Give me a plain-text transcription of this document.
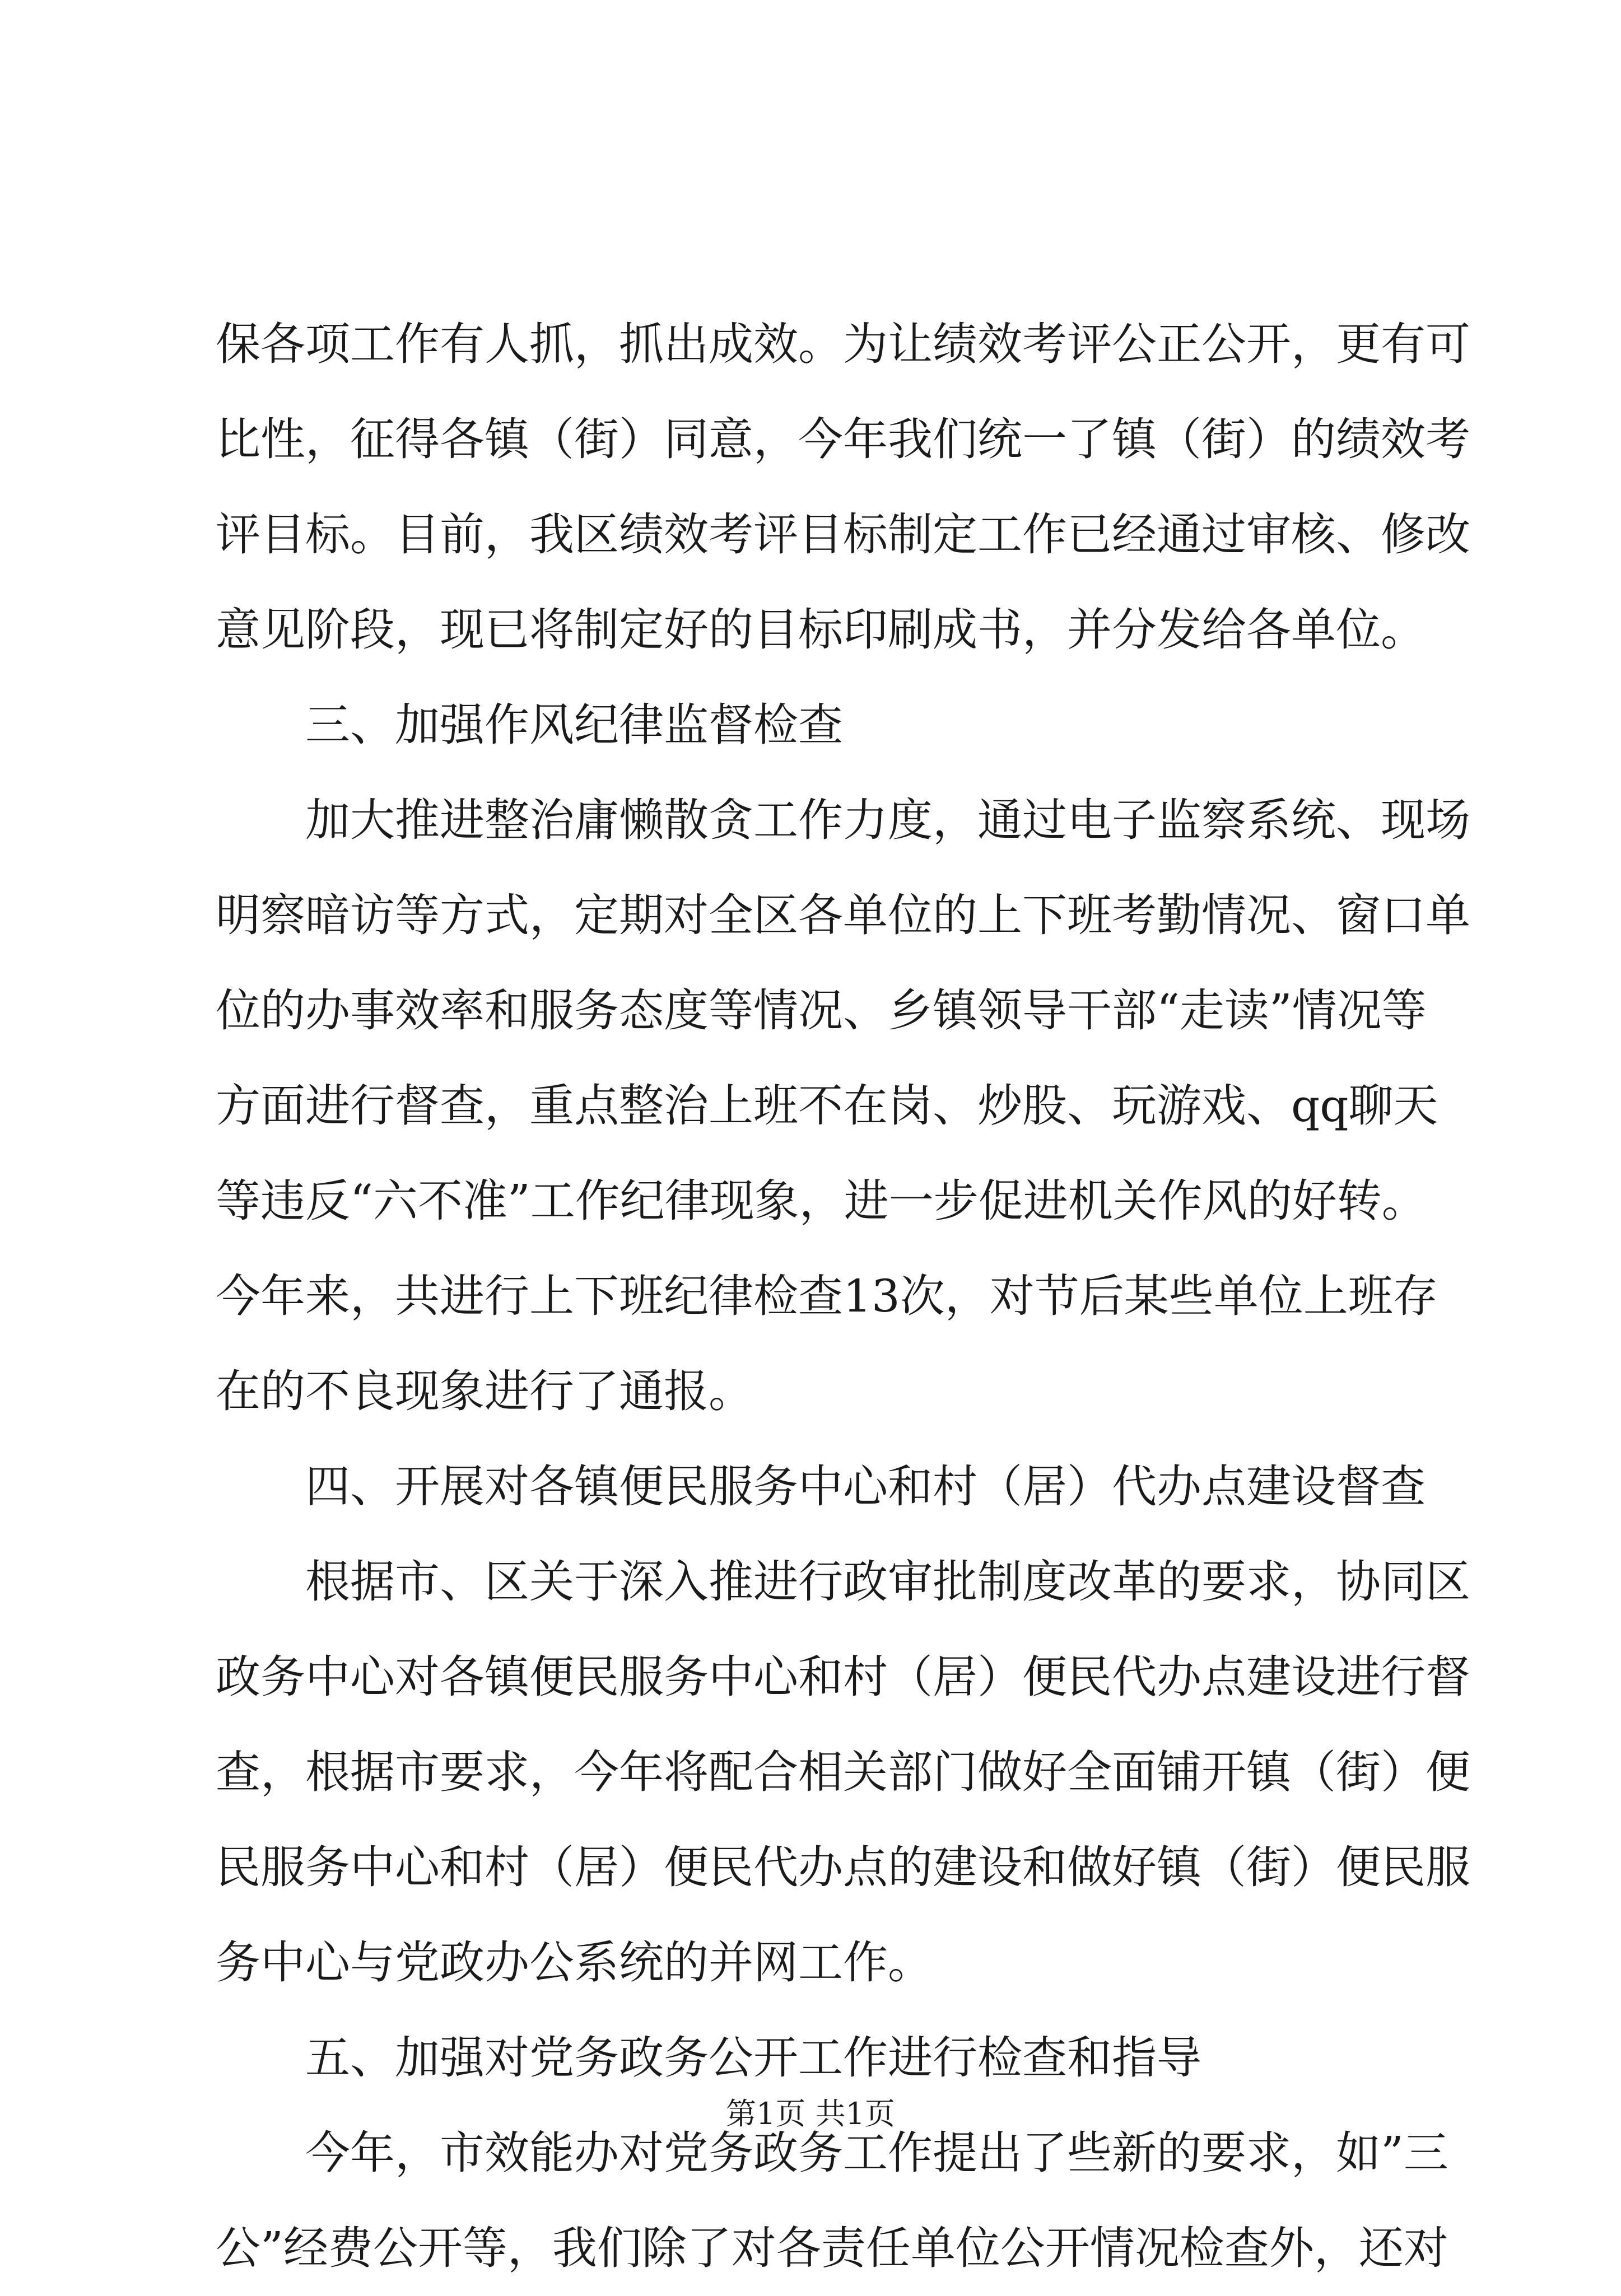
保各项工作有人抓，抓出成效。为让绩效考评公正公开，更有可
比性，征得各镇（街）同意，今年我们统一了镇（街）的绩效考
评目标。目前，我区绩效考评目标制定工作已经通过审核、修改
意见阶段，现已将制定好的目标印刷成书，并分发给各单位。
三、加强作风纪律监督检查
加大推进整治庸懒散贪工作力度，通过电子监察系统、现场
明察暗访等方式，定期对全区各单位的上下班考勤情况、窗口单
位的办事效率和服务态度等情况、乡镇领导干部“走读”情况等
方面进行督查，重点整治上班不在岗、炒股、玩游戏、qq聊天
等违反“六不准”工作纪律现象，进一步促进机关作风的好转。
今年来，共进行上下班纪律检查13次，对节后某些单位上班存
在的不良现象进行了通报。
四、开展对各镇便民服务中心和村（居）代办点建设督查
根据市、区关于深入推进行政审批制度改革的要求，协同区
政务中心对各镇便民服务中心和村（居）便民代办点建设进行督
查，根据市要求，今年将配合相关部门做好全面铺开镇（街）便
民服务中心和村（居）便民代办点的建设和做好镇（街）便民服
务中心与党政办公系统的并网工作。
五、加强对党务政务公开工作进行检查和指导
今年，市效能办对党务政务工作提出了些新的要求，如”三
公”经费公开等，我们除了对各责任单位公开情况检查外，还对
第1页 共1页
